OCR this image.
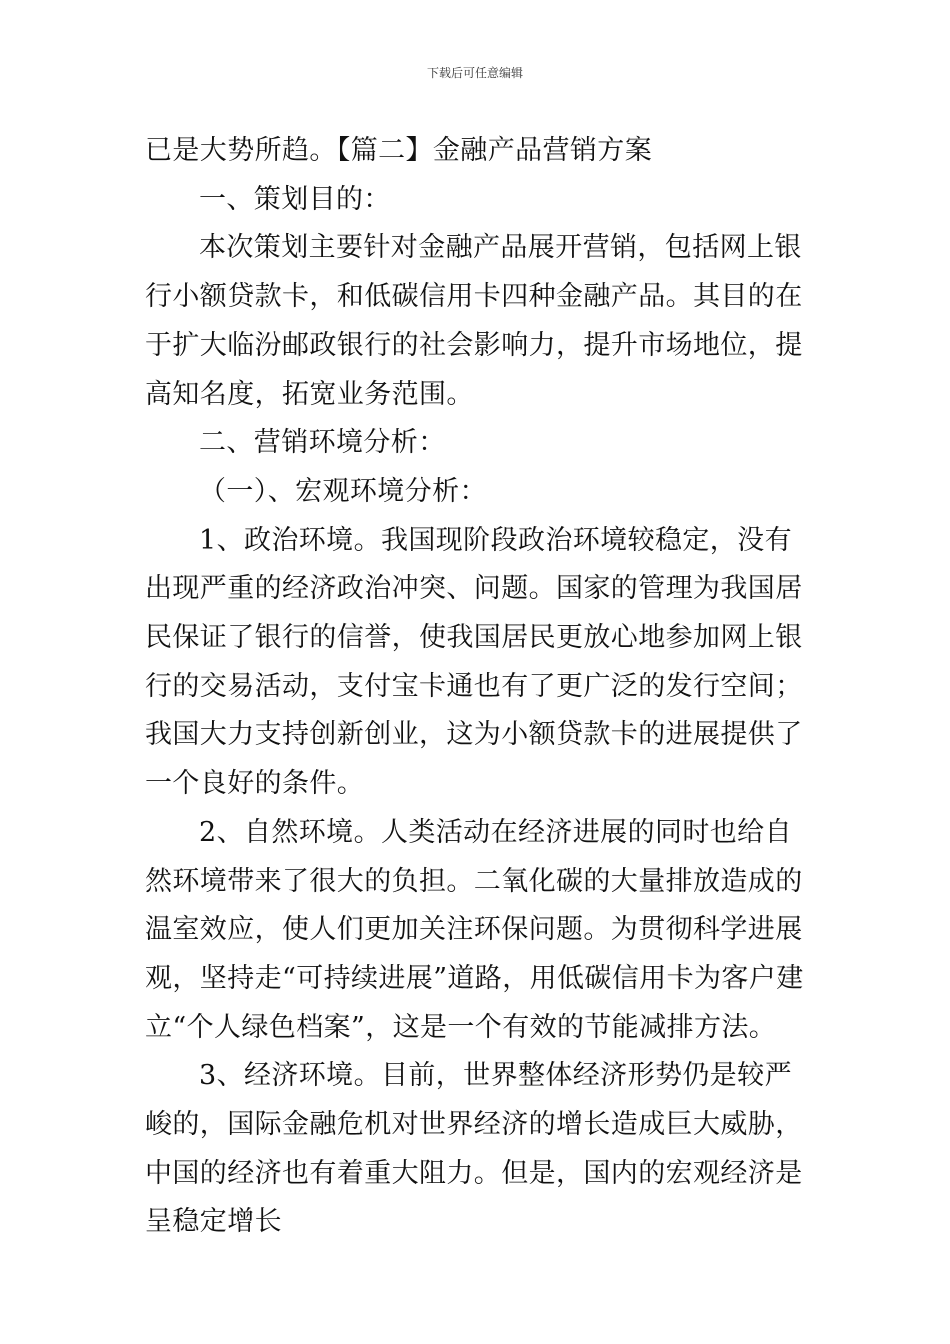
下载后可任意编辑

已是大势所趋。【篇二】金融产品营销方案

一、策划目的：

本次策划主要针对金融产品展开营销，包括网上银行小额贷款卡，和低碳信用卡四种金融产品。其目的在于扩大临汾邮政银行的社会影响力，提升市场地位，提高知名度，拓宽业务范围。

二、营销环境分析：

（一）、宏观环境分析：

1、政治环境。我国现阶段政治环境较稳定，没有出现严重的经济政治冲突、问题。国家的管理为我国居民保证了银行的信誉，使我国居民更放心地参加网上银行的交易活动，支付宝卡通也有了更广泛的发行空间；我国大力支持创新创业，这为小额贷款卡的进展提供了一个良好的条件。

2、自然环境。人类活动在经济进展的同时也给自然环境带来了很大的负担。二氧化碳的大量排放造成的温室效应，使人们更加关注环保问题。为贯彻科学进展观，坚持走“可持续进展”道路，用低碳信用卡为客户建立“个人绿色档案”，这是一个有效的节能减排方法。

3、经济环境。目前，世界整体经济形势仍是较严峻的，国际金融危机对世界经济的增长造成巨大威胁，中国的经济也有着重大阻力。但是，国内的宏观经济是呈稳定增长
